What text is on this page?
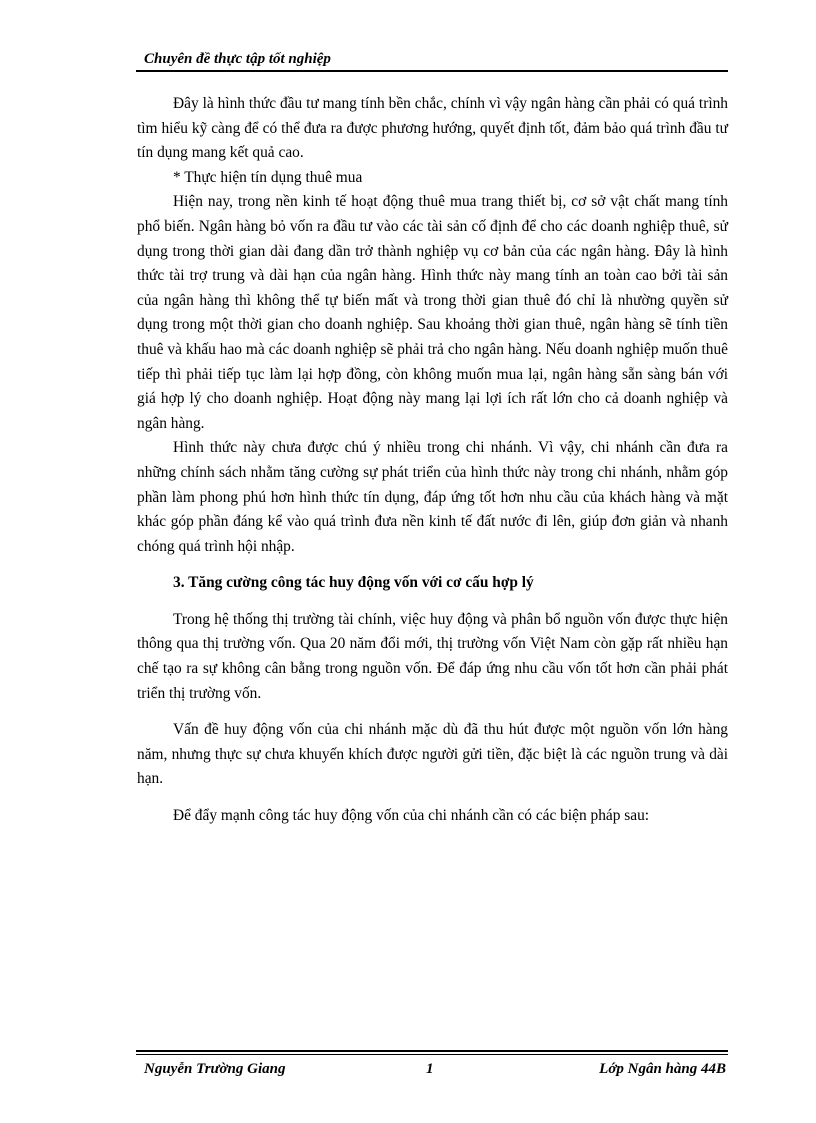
Chuyên đề thực tập tốt nghiệp

Đây là hình thức đầu tư mang tính bền chắc, chính vì vậy ngân hàng cần phải có quá trình tìm hiểu kỹ càng để có thể đưa ra được phương hướng, quyết định tốt, đảm bảo quá trình đầu tư tín dụng mang kết quả cao.

* Thực hiện tín dụng thuê mua

Hiện nay, trong nền kinh tế hoạt động thuê mua trang thiết bị, cơ sở vật chất mang tính phổ biến. Ngân hàng bỏ vốn ra đầu tư vào các tài sản cố định để cho các doanh nghiệp thuê, sử dụng trong thời gian dài đang dần trở thành nghiệp vụ cơ bản của các ngân hàng. Đây là hình thức tài trợ trung và dài hạn của ngân hàng. Hình thức này mang tính an toàn cao bởi tài sản của ngân hàng thì không thể tự biến mất và trong thời gian thuê đó chỉ là nhường quyền sử dụng trong một thời gian cho doanh nghiệp. Sau khoảng thời gian thuê, ngân hàng sẽ tính tiền thuê và khấu hao mà các doanh nghiệp sẽ phải trả cho ngân hàng. Nếu doanh nghiệp muốn thuê tiếp thì phải tiếp tục làm lại hợp đồng, còn không muốn mua lại, ngân hàng sẵn sàng bán với giá hợp lý cho doanh nghiệp. Hoạt động này mang lại lợi ích rất lớn cho cả doanh nghiệp và ngân hàng.

Hình thức này chưa được chú ý nhiều trong chi nhánh. Vì vậy, chi nhánh cần đưa ra những chính sách nhằm tăng cường sự phát triển của hình thức này trong chi nhánh, nhằm góp phần làm phong phú hơn hình thức tín dụng, đáp ứng tốt hơn nhu cầu của khách hàng và mặt khác góp phần đáng kể vào quá trình đưa nền kinh tế đất nước đi lên, giúp đơn giản và nhanh chóng quá trình hội nhập.

3. Tăng cường công tác huy động vốn với cơ cấu hợp lý

Trong hệ thống thị trường tài chính, việc huy động và phân bổ nguồn vốn được thực hiện thông qua thị trường vốn. Qua 20 năm đổi mới, thị trường vốn Việt Nam còn gặp rất nhiều hạn chế tạo ra sự không cân bằng trong nguồn vốn. Để đáp ứng nhu cầu vốn tốt hơn cần phải phát triển thị trường vốn.

Vấn đề huy động vốn của chi nhánh mặc dù đã thu hút được một nguồn vốn lớn hàng năm, nhưng thực sự chưa khuyến khích được người gửi tiền, đặc biệt là các nguồn trung và dài hạn.

Để đẩy mạnh công tác huy động vốn của chi nhánh cần có các biện pháp sau:

Nguyễn Trường Giang	1	Lớp Ngân hàng 44B
